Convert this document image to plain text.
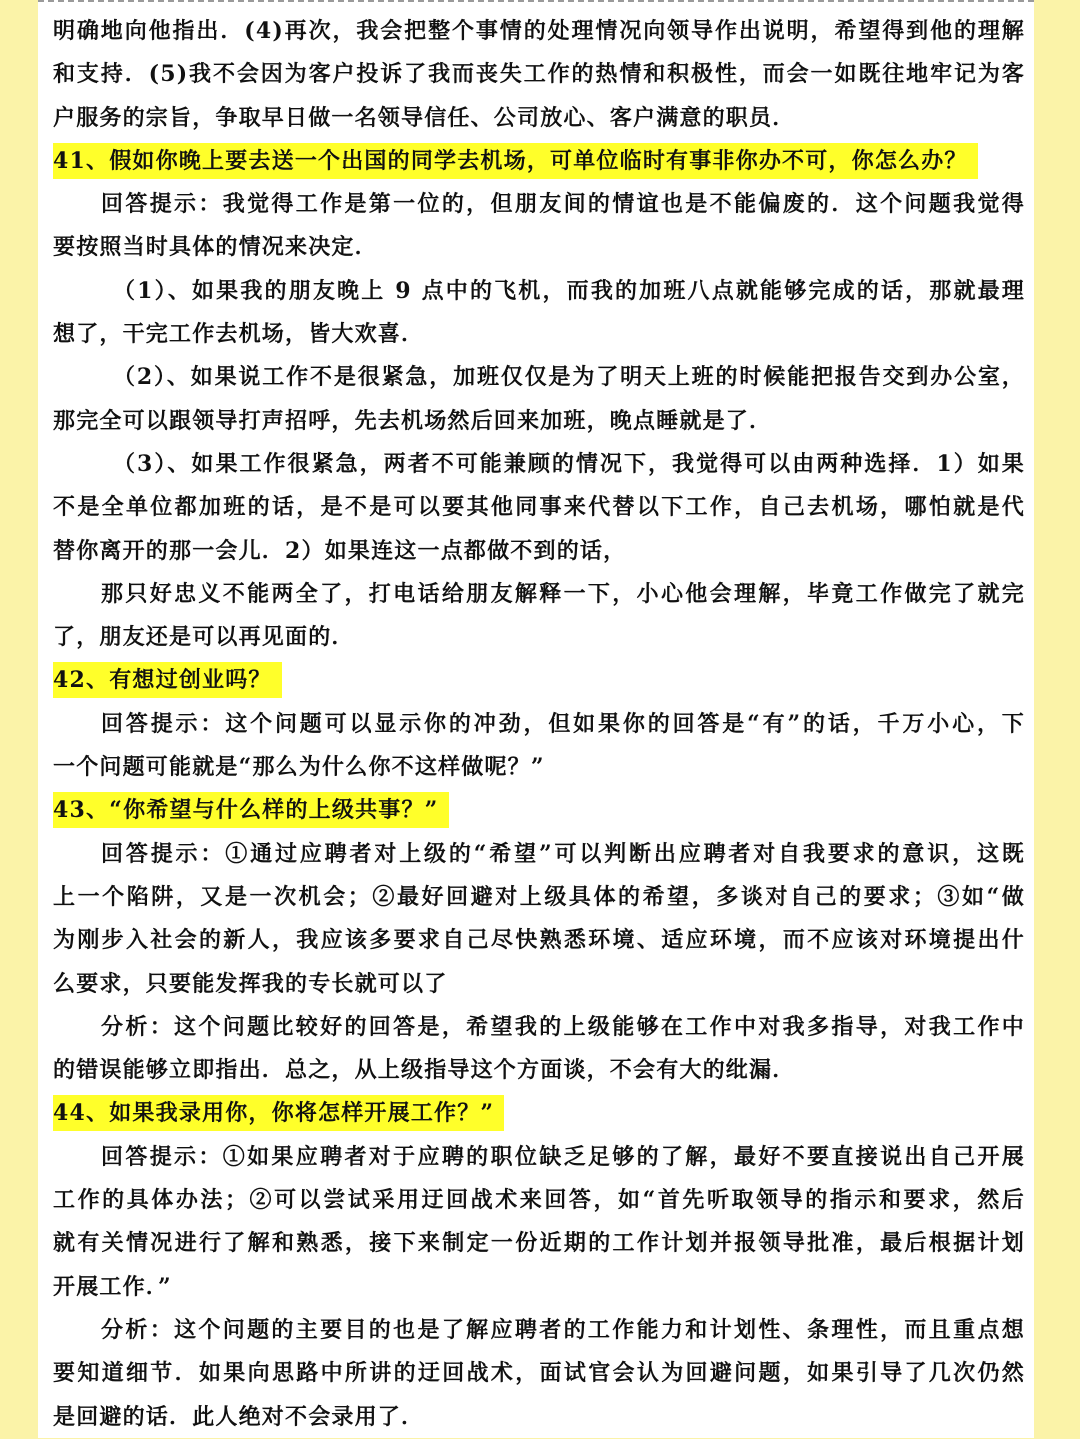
明确地向他指出．(4)再次，我会把整个事情的处理情况向领导作出说明，希望得到他的理解
和支持．(5)我不会因为客户投诉了我而丧失工作的热情和积极性，而会一如既往地牢记为客
户服务的宗旨，争取早日做一名领导信任、公司放心、客户满意的职员．
41、假如你晚上要去送一个出国的同学去机场，可单位临时有事非你办不可，你怎么办？
回答提示：我觉得工作是第一位的，但朋友间的情谊也是不能偏废的．这个问题我觉得
要按照当时具体的情况来决定．
（1）、如果我的朋友晚上 9 点中的飞机，而我的加班八点就能够完成的话，那就最理
想了，干完工作去机场，皆大欢喜．
（2）、如果说工作不是很紧急，加班仅仅是为了明天上班的时候能把报告交到办公室，
那完全可以跟领导打声招呼，先去机场然后回来加班，晚点睡就是了．
（3）、如果工作很紧急，两者不可能兼顾的情况下，我觉得可以由两种选择．1）如果
不是全单位都加班的话，是不是可以要其他同事来代替以下工作，自己去机场，哪怕就是代
替你离开的那一会儿．2）如果连这一点都做不到的话，
那只好忠义不能两全了，打电话给朋友解释一下，小心他会理解，毕竟工作做完了就完
了，朋友还是可以再见面的．
42、有想过创业吗？
回答提示：这个问题可以显示你的冲劲，但如果你的回答是“有”的话，千万小心，下
一个问题可能就是“那么为什么你不这样做呢？”
43、“你希望与什么样的上级共事？”
回答提示：①通过应聘者对上级的“希望”可以判断出应聘者对自我要求的意识，这既
上一个陷阱，又是一次机会；②最好回避对上级具体的希望，多谈对自己的要求；③如“做
为刚步入社会的新人，我应该多要求自己尽快熟悉环境、适应环境，而不应该对环境提出什
么要求，只要能发挥我的专长就可以了
分析：这个问题比较好的回答是，希望我的上级能够在工作中对我多指导，对我工作中
的错误能够立即指出．总之，从上级指导这个方面谈，不会有大的纰漏．
44、如果我录用你，你将怎样开展工作？”
回答提示：①如果应聘者对于应聘的职位缺乏足够的了解，最好不要直接说出自己开展
工作的具体办法；②可以尝试采用迂回战术来回答，如“首先听取领导的指示和要求，然后
就有关情况进行了解和熟悉，接下来制定一份近期的工作计划并报领导批准，最后根据计划
开展工作．”
分析：这个问题的主要目的也是了解应聘者的工作能力和计划性、条理性，而且重点想
要知道细节．如果向思路中所讲的迂回战术，面试官会认为回避问题，如果引导了几次仍然
是回避的话．此人绝对不会录用了．
